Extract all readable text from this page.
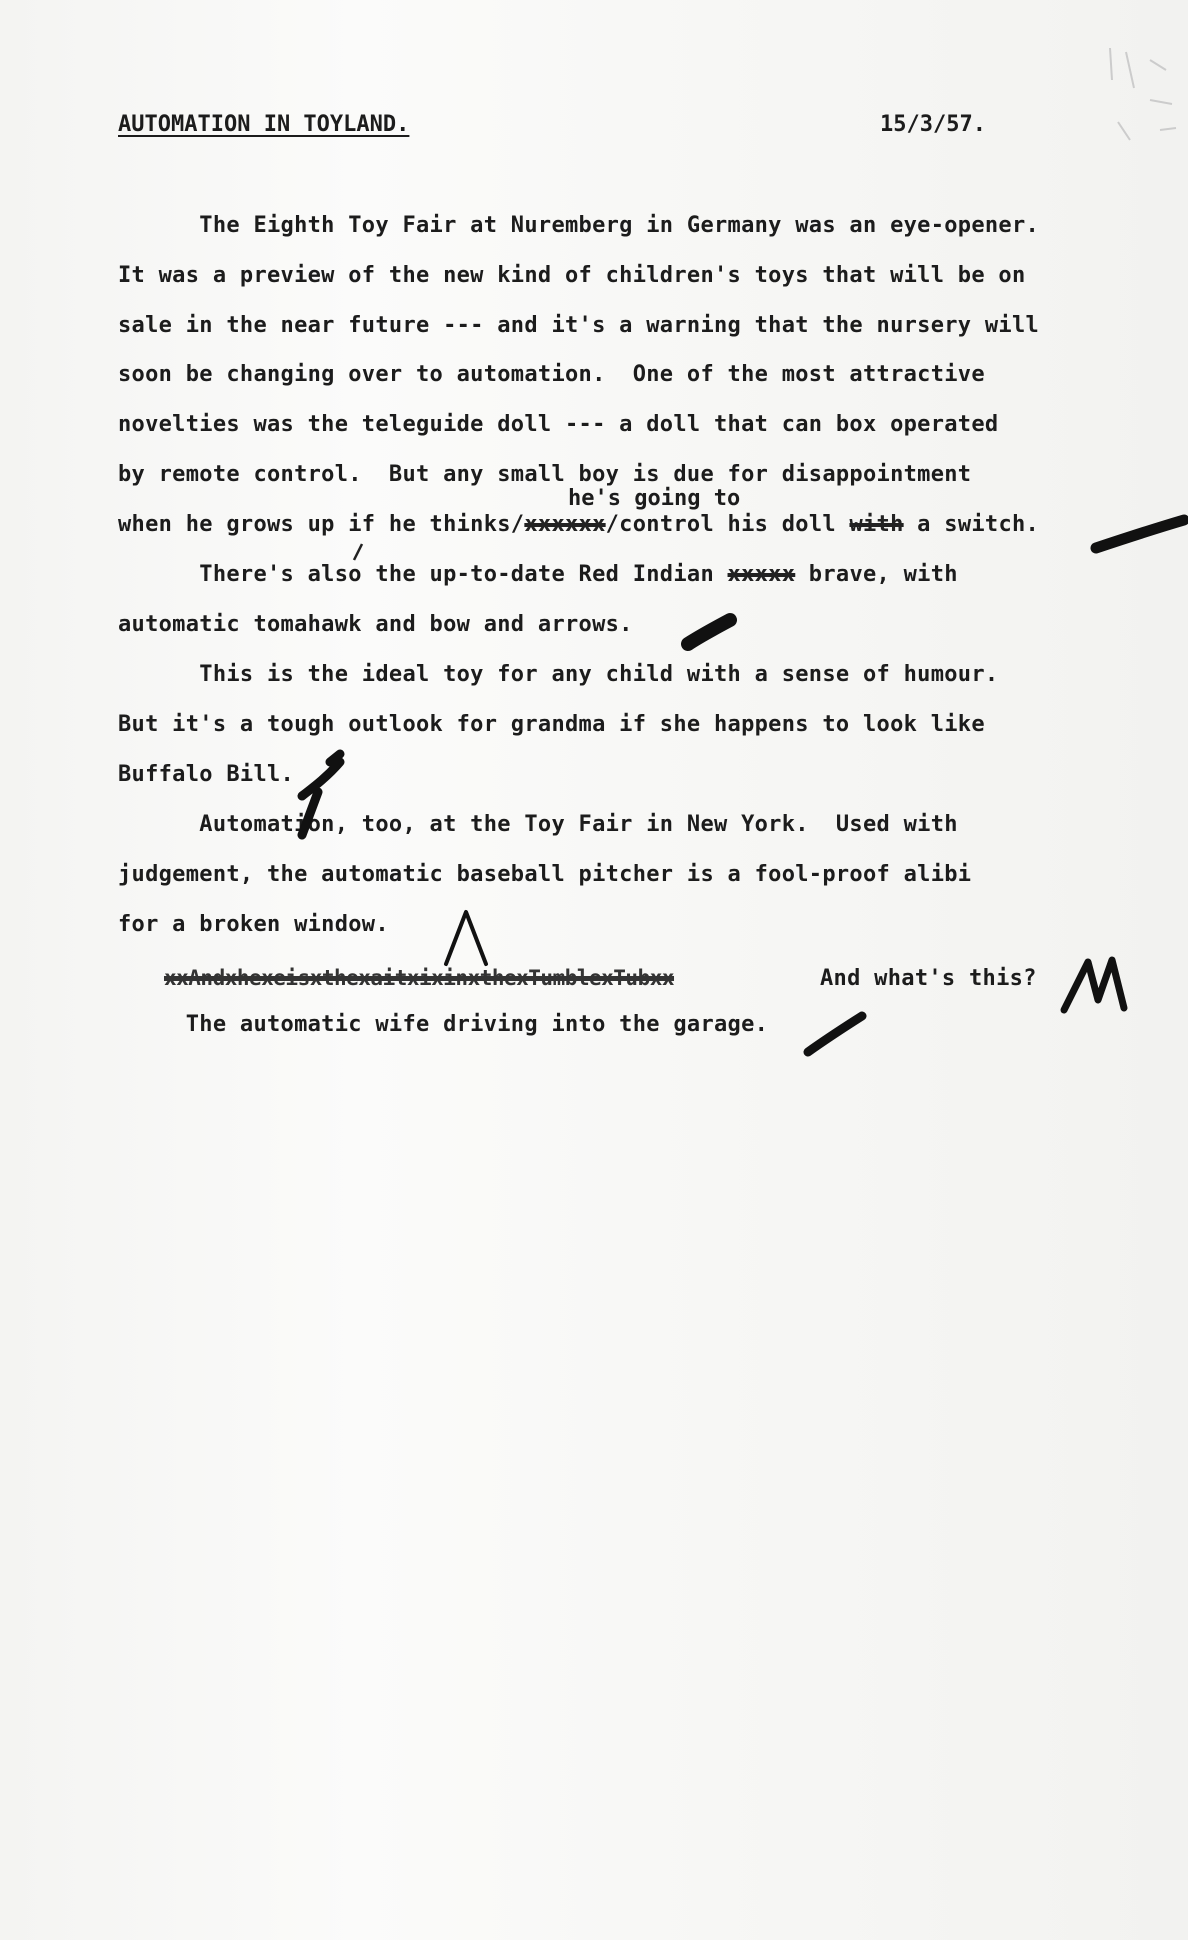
AUTOMATION IN TOYLAND.	15/3/57.
The Eighth Toy Fair at Nuremberg in Germany was an eye-opener.
It was a preview of the new kind of children's toys that will be on
sale in the near future --- and it's a warning that the nursery will
soon be changing over to automation.  One of the most attractive
novelties was the teleguide doll --- a doll that can box operated
by remote control.  But any small boy is due for disappointment
he's going to
when he grows up if he thinks/xxxxxx/control his doll with a switch.
There's also the up-to-date Red Indian xxxxx brave, with
automatic tomahawk and bow and arrows.
This is the ideal toy for any child with a sense of humour.
But it's a tough outlook for grandma if she happens to look like
Buffalo Bill.
Automation, too, at the Toy Fair in New York.  Used with
judgement, the automatic baseball pitcher is a fool-proof alibi
for a broken window.
xxAndxhexeisxthexaitxixinxthexTumblexTubxx	And what's this?
The automatic wife driving into the garage.
